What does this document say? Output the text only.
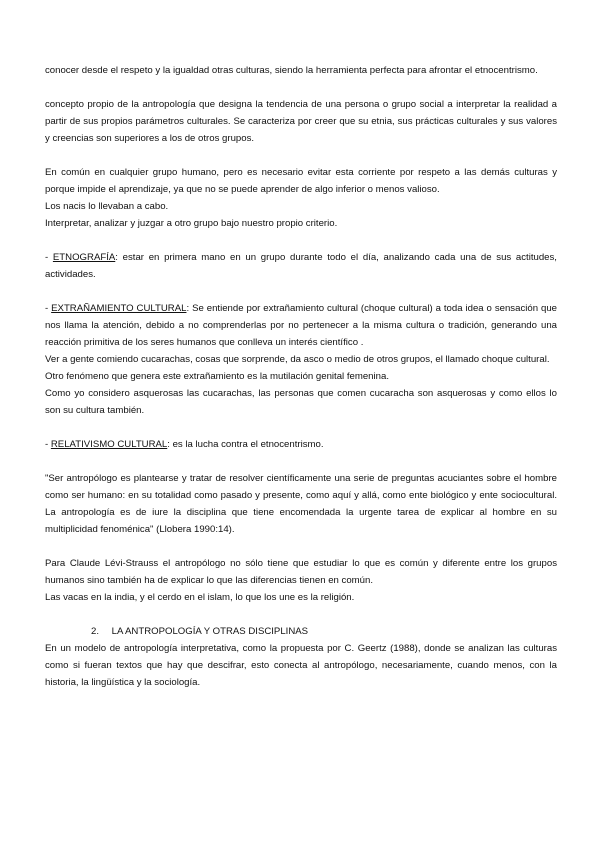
conocer desde el respeto y la igualdad otras culturas, siendo la herramienta perfecta para afrontar el etnocentrismo.

concepto propio de la antropología que designa la tendencia de una persona o grupo social a interpretar la realidad a partir de sus propios parámetros culturales. Se caracteriza por creer que su etnia, sus prácticas culturales y sus valores y creencias son superiores a los de otros grupos.

En común en cualquier grupo humano, pero es necesario evitar esta corriente por respeto a las demás culturas y porque impide el aprendizaje, ya que no se puede aprender de algo inferior o menos valioso.

Los nacis lo llevaban a cabo.

Interpretar, analizar y juzgar a otro grupo bajo nuestro propio criterio.

- ETNOGRAFÍA: estar en primera mano en un grupo durante todo el día, analizando cada una de sus actitudes, actividades.

- EXTRAÑAMIENTO CULTURAL: Se entiende por extrañamiento cultural (choque cultural) a toda idea o sensación que nos llama la atención, debido a no comprenderlas por no pertenecer a la misma cultura o tradición, generando una reacción primitiva de los seres humanos que conlleva un interés científico .

Ver a gente comiendo cucarachas, cosas que sorprende, da asco o medio de otros grupos, el llamado choque cultural.

Otro fenómeno que genera este extrañamiento es la mutilación genital femenina.

Como yo considero asquerosas las cucarachas, las personas que comen cucaracha son asquerosas y como ellos lo son su cultura también.

- RELATIVISMO CULTURAL: es la lucha contra el etnocentrismo.

"Ser antropólogo es plantearse y tratar de resolver científicamente una serie de preguntas acuciantes sobre el hombre como ser humano: en su totalidad como pasado y presente, como aquí y allá, como ente biológico y ente sociocultural. La antropología es de iure la disciplina que tiene encomendada la urgente tarea de explicar al hombre en su multiplicidad fenoménica" (Llobera 1990:14).

Para Claude Lévi-Strauss el antropólogo no sólo tiene que estudiar lo que es común y diferente entre los grupos humanos sino también ha de explicar lo que las diferencias tienen en común.

Las vacas en la india, y el cerdo en el islam, lo que los une es la religión.

2. LA ANTROPOLOGÍA Y OTRAS DISCIPLINAS

En un modelo de antropología interpretativa, como la propuesta por C. Geertz (1988), donde se analizan las culturas como si fueran textos que hay que descifrar, esto conecta al antropólogo, necesariamente, cuando menos, con la historia, la lingüística y la sociología.
